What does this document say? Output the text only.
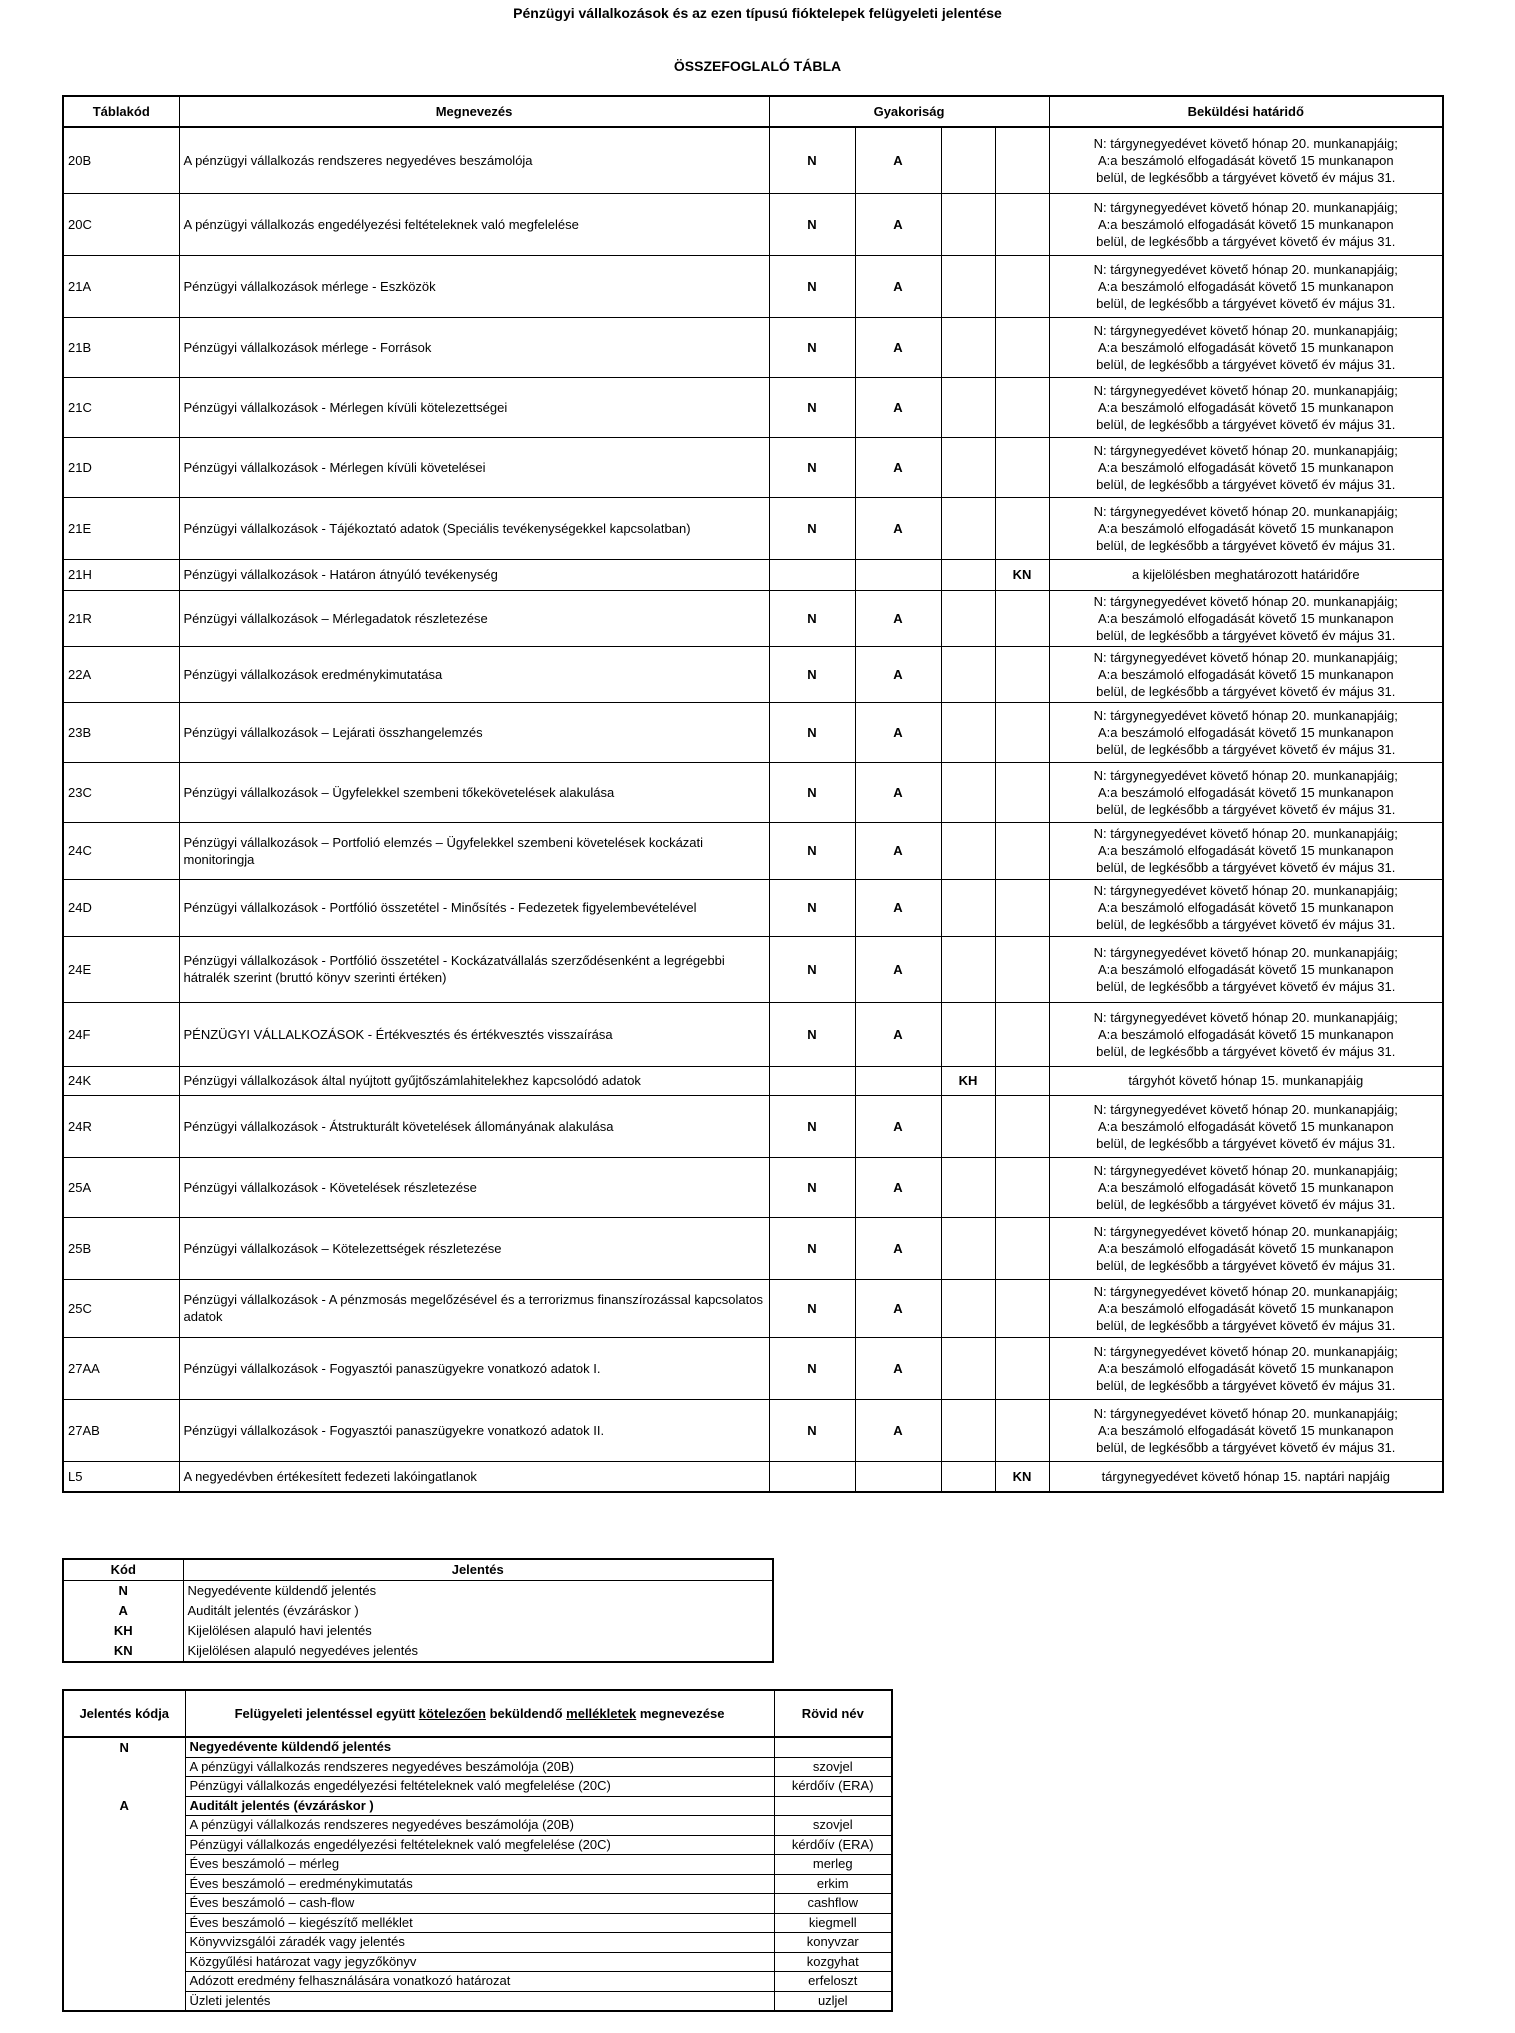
Pénzügyi vállalkozások és az ezen típusú fióktelepek felügyeleti jelentése
ÖSSZEFOGLALÓ TÁBLA
Táblakód	Megnevezés	Gyakoriság				Beküldési határidő
20B	A pénzügyi vállalkozás rendszeres negyedéves beszámolója	N	A			N: tárgynegyedévet követő hónap 20. munkanapjáig;
A:a beszámoló elfogadását követő 15 munkanapon
belül, de legkésőbb a tárgyévet követő év május 31.

20C	A pénzügyi vállalkozás engedélyezési feltételeknek való megfelelése	N	A			N: tárgynegyedévet követő hónap 20. munkanapjáig;
A:a beszámoló elfogadását követő 15 munkanapon
belül, de legkésőbb a tárgyévet követő év május 31.

21A	Pénzügyi vállalkozások mérlege - Eszközök	N	A			N: tárgynegyedévet követő hónap 20. munkanapjáig;
A:a beszámoló elfogadását követő 15 munkanapon
belül, de legkésőbb a tárgyévet követő év május 31.

21B	Pénzügyi vállalkozások mérlege - Források	N	A			N: tárgynegyedévet követő hónap 20. munkanapjáig;
A:a beszámoló elfogadását követő 15 munkanapon
belül, de legkésőbb a tárgyévet követő év május 31.

21C	Pénzügyi vállalkozások - Mérlegen kívüli kötelezettségei	N	A			N: tárgynegyedévet követő hónap 20. munkanapjáig;
A:a beszámoló elfogadását követő 15 munkanapon
belül, de legkésőbb a tárgyévet követő év május 31.

21D	Pénzügyi vállalkozások - Mérlegen kívüli követelései	N	A			N: tárgynegyedévet követő hónap 20. munkanapjáig;
A:a beszámoló elfogadását követő 15 munkanapon
belül, de legkésőbb a tárgyévet követő év május 31.

21E	Pénzügyi vállalkozások - Tájékoztató adatok (Speciális tevékenységekkel kapcsolatban)	N	A			N: tárgynegyedévet követő hónap 20. munkanapjáig;
A:a beszámoló elfogadását követő 15 munkanapon
belül, de legkésőbb a tárgyévet követő év május 31.

21H	Pénzügyi vállalkozások - Határon átnyúló tevékenység				KN	a kijelölésben meghatározott határidőre
21R	Pénzügyi vállalkozások – Mérlegadatok részletezése	N	A			N: tárgynegyedévet követő hónap 20. munkanapjáig;
A:a beszámoló elfogadását követő 15 munkanapon
belül, de legkésőbb a tárgyévet követő év május 31.

22A	Pénzügyi vállalkozások eredménykimutatása	N	A			N: tárgynegyedévet követő hónap 20. munkanapjáig;
A:a beszámoló elfogadását követő 15 munkanapon
belül, de legkésőbb a tárgyévet követő év május 31.

23B	Pénzügyi vállalkozások – Lejárati összhangelemzés	N	A			N: tárgynegyedévet követő hónap 20. munkanapjáig;
A:a beszámoló elfogadását követő 15 munkanapon
belül, de legkésőbb a tárgyévet követő év május 31.

23C	Pénzügyi vállalkozások – Ügyfelekkel szembeni tőkekövetelések alakulása	N	A			N: tárgynegyedévet követő hónap 20. munkanapjáig;
A:a beszámoló elfogadását követő 15 munkanapon
belül, de legkésőbb a tárgyévet követő év május 31.

24C	Pénzügyi vállalkozások – Portfolió elemzés – Ügyfelekkel szembeni követelések kockázati monitoringja	N	A			N: tárgynegyedévet követő hónap 20. munkanapjáig;
A:a beszámoló elfogadását követő 15 munkanapon
belül, de legkésőbb a tárgyévet követő év május 31.

24D	Pénzügyi vállalkozások - Portfólió összetétel - Minősítés - Fedezetek figyelembevételével	N	A			N: tárgynegyedévet követő hónap 20. munkanapjáig;
A:a beszámoló elfogadását követő 15 munkanapon
belül, de legkésőbb a tárgyévet követő év május 31.

24E	Pénzügyi vállalkozások - Portfólió összetétel - Kockázatvállalás szerződésenként a legrégebbi hátralék szerint (bruttó könyv szerinti értéken)	N	A			N: tárgynegyedévet követő hónap 20. munkanapjáig;
A:a beszámoló elfogadását követő 15 munkanapon
belül, de legkésőbb a tárgyévet követő év május 31.

24F	PÉNZÜGYI VÁLLALKOZÁSOK - Értékvesztés és értékvesztés visszaírása	N	A			N: tárgynegyedévet követő hónap 20. munkanapjáig;
A:a beszámoló elfogadását követő 15 munkanapon
belül, de legkésőbb a tárgyévet követő év május 31.

24K	Pénzügyi vállalkozások által nyújtott gyűjtőszámlahitelekhez kapcsolódó adatok			KH		tárgyhót követő hónap 15. munkanapjáig
24R	Pénzügyi vállalkozások - Átstrukturált követelések állományának alakulása	N	A			N: tárgynegyedévet követő hónap 20. munkanapjáig;
A:a beszámoló elfogadását követő 15 munkanapon
belül, de legkésőbb a tárgyévet követő év május 31.

25A	Pénzügyi vállalkozások - Követelések részletezése	N	A			N: tárgynegyedévet követő hónap 20. munkanapjáig;
A:a beszámoló elfogadását követő 15 munkanapon
belül, de legkésőbb a tárgyévet követő év május 31.

25B	Pénzügyi vállalkozások – Kötelezettségek részletezése	N	A			N: tárgynegyedévet követő hónap 20. munkanapjáig;
A:a beszámoló elfogadását követő 15 munkanapon
belül, de legkésőbb a tárgyévet követő év május 31.

25C	Pénzügyi vállalkozások - A pénzmosás megelőzésével és a terrorizmus finanszírozással kapcsolatos adatok	N	A			N: tárgynegyedévet követő hónap 20. munkanapjáig;
A:a beszámoló elfogadását követő 15 munkanapon
belül, de legkésőbb a tárgyévet követő év május 31.

27AA	Pénzügyi vállalkozások - Fogyasztói panaszügyekre vonatkozó adatok I.	N	A			N: tárgynegyedévet követő hónap 20. munkanapjáig;
A:a beszámoló elfogadását követő 15 munkanapon
belül, de legkésőbb a tárgyévet követő év május 31.

27AB	Pénzügyi vállalkozások - Fogyasztói panaszügyekre vonatkozó adatok II.	N	A			N: tárgynegyedévet követő hónap 20. munkanapjáig;
A:a beszámoló elfogadását követő 15 munkanapon
belül, de legkésőbb a tárgyévet követő év május 31.

L5	A negyedévben értékesített fedezeti lakóingatlanok				KN	tárgynegyedévet követő hónap 15. naptári napjáig
Kód	Jelentés
N	Negyedévente küldendő jelentés
A	Auditált jelentés (évzáráskor )
KH	Kijelölésen alapuló havi jelentés
KN	Kijelölésen alapuló negyedéves jelentés
Jelentés kódja	Felügyeleti jelentéssel együtt kötelezően beküldendő mellékletek megnevezése	Rövid név
N	Negyedévente küldendő jelentés	
	A pénzügyi vállalkozás rendszeres negyedéves beszámolója (20B)	szovjel
	Pénzügyi vállalkozás engedélyezési feltételeknek való megfelelése (20C)	kérdőív (ERA)
A	Auditált jelentés (évzáráskor )	
	A pénzügyi vállalkozás rendszeres negyedéves beszámolója (20B)	szovjel
	Pénzügyi vállalkozás engedélyezési feltételeknek való megfelelése (20C)	kérdőív (ERA)
	Éves beszámoló – mérleg	merleg
	Éves beszámoló – eredménykimutatás	erkim
	Éves beszámoló – cash-flow	cashflow
	Éves beszámoló – kiegészítő melléklet	kiegmell
	Könyvvizsgálói záradék vagy jelentés	konyvzar
	Közgyűlési határozat vagy jegyzőkönyv	kozgyhat
	Adózott eredmény felhasználására vonatkozó határozat	erfeloszt
	Üzleti jelentés	uzljel
